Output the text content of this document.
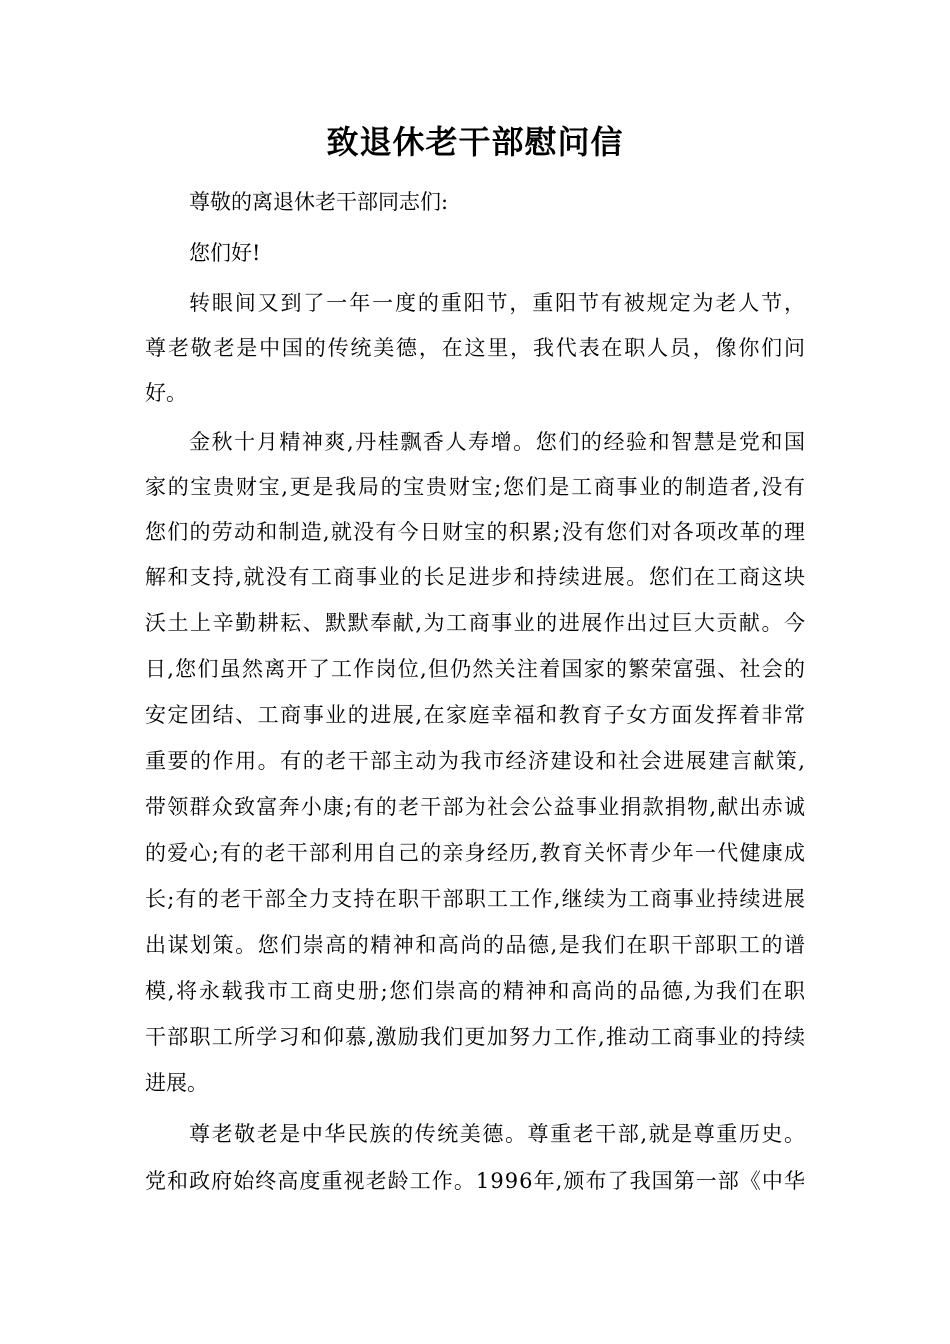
致退休老干部慰问信
尊敬的离退休老干部同志们:
您们好!
转眼间又到了一年一度的重阳节，重阳节有被规定为老人节，
尊老敬老是中国的传统美德，在这里，我代表在职人员，像你们问
好。
金秋十月精神爽,丹桂飘香人寿增。您们的经验和智慧是党和国
家的宝贵财宝,更是我局的宝贵财宝;您们是工商事业的制造者,没有
您们的劳动和制造,就没有今日财宝的积累;没有您们对各项改革的理
解和支持,就没有工商事业的长足进步和持续进展。您们在工商这块
沃土上辛勤耕耘、默默奉献,为工商事业的进展作出过巨大贡献。今
日,您们虽然离开了工作岗位,但仍然关注着国家的繁荣富强、社会的
安定团结、工商事业的进展,在家庭幸福和教育子女方面发挥着非常
重要的作用。有的老干部主动为我市经济建设和社会进展建言献策,
带领群众致富奔小康;有的老干部为社会公益事业捐款捐物,献出赤诚
的爱心;有的老干部利用自己的亲身经历,教育关怀青少年一代健康成
长;有的老干部全力支持在职干部职工工作,继续为工商事业持续进展
出谋划策。您们崇高的精神和高尚的品德,是我们在职干部职工的谱
模,将永载我市工商史册;您们崇高的精神和高尚的品德,为我们在职
干部职工所学习和仰慕,激励我们更加努力工作,推动工商事业的持续
进展。
尊老敬老是中华民族的传统美德。尊重老干部,就是尊重历史。
党和政府始终高度重视老龄工作。1996年,颁布了我国第一部《中华
